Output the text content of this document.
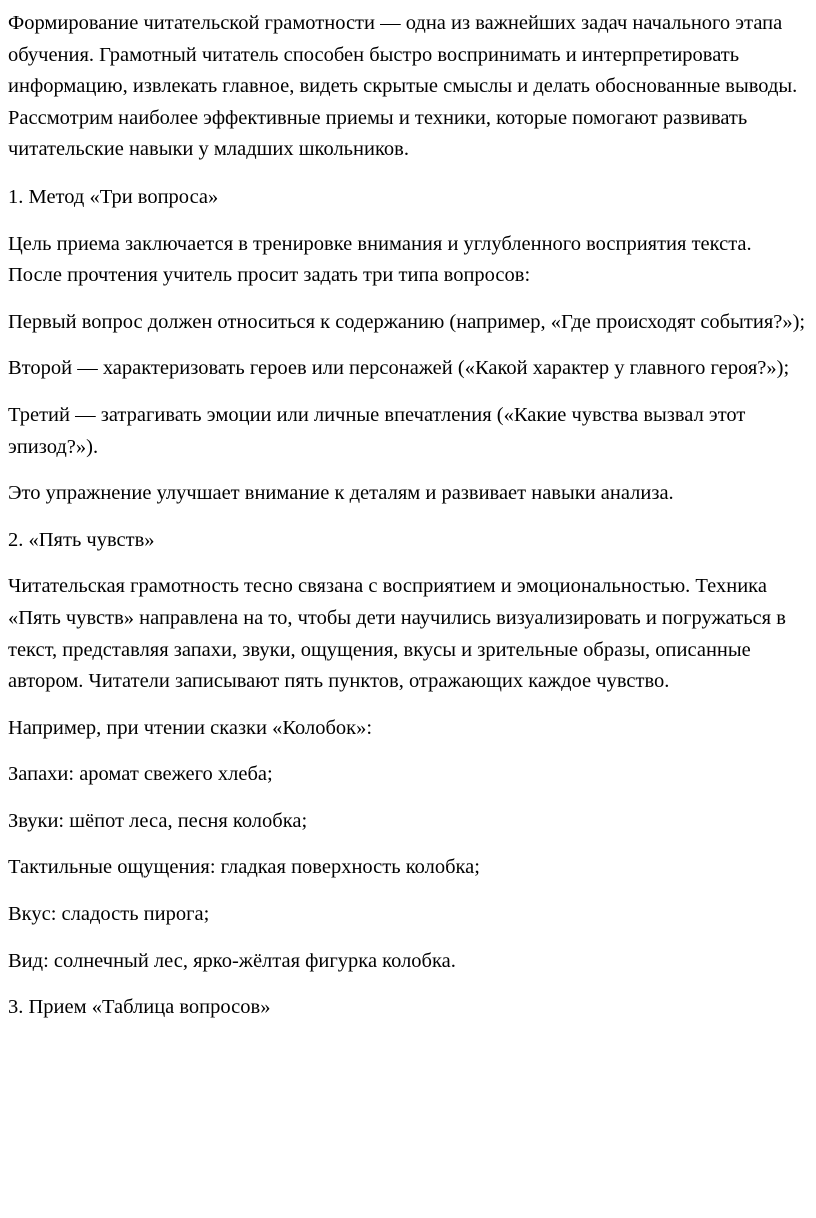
Формирование читательской грамотности — одна из важнейших задач начального этапа обучения. Грамотный читатель способен быстро воспринимать и интерпретировать информацию, извлекать главное, видеть скрытые смыслы и делать обоснованные выводы. Рассмотрим наиболее эффективные приемы и техники, которые помогают развивать читательские навыки у младших школьников.

1. Метод «Три вопроса»

Цель приема заключается в тренировке внимания и углубленного восприятия текста. После прочтения учитель просит задать три типа вопросов:

Первый вопрос должен относиться к содержанию (например, «Где происходят события?»);

Второй — характеризовать героев или персонажей («Какой характер у главного героя?»);

Третий — затрагивать эмоции или личные впечатления («Какие чувства вызвал этот эпизод?»).

Это упражнение улучшает внимание к деталям и развивает навыки анализа.

2. «Пять чувств»

Читательская грамотность тесно связана с восприятием и эмоциональностью. Техника «Пять чувств» направлена на то, чтобы дети научились визуализировать и погружаться в текст, представляя запахи, звуки, ощущения, вкусы и зрительные образы, описанные автором. Читатели записывают пять пунктов, отражающих каждое чувство.

Например, при чтении сказки «Колобок»:

Запахи: аромат свежего хлеба;

Звуки: шёпот леса, песня колобка;

Тактильные ощущения: гладкая поверхность колобка;

Вкус: сладость пирога;

Вид: солнечный лес, ярко-жёлтая фигурка колобка.

3. Прием «Таблица вопросов»
